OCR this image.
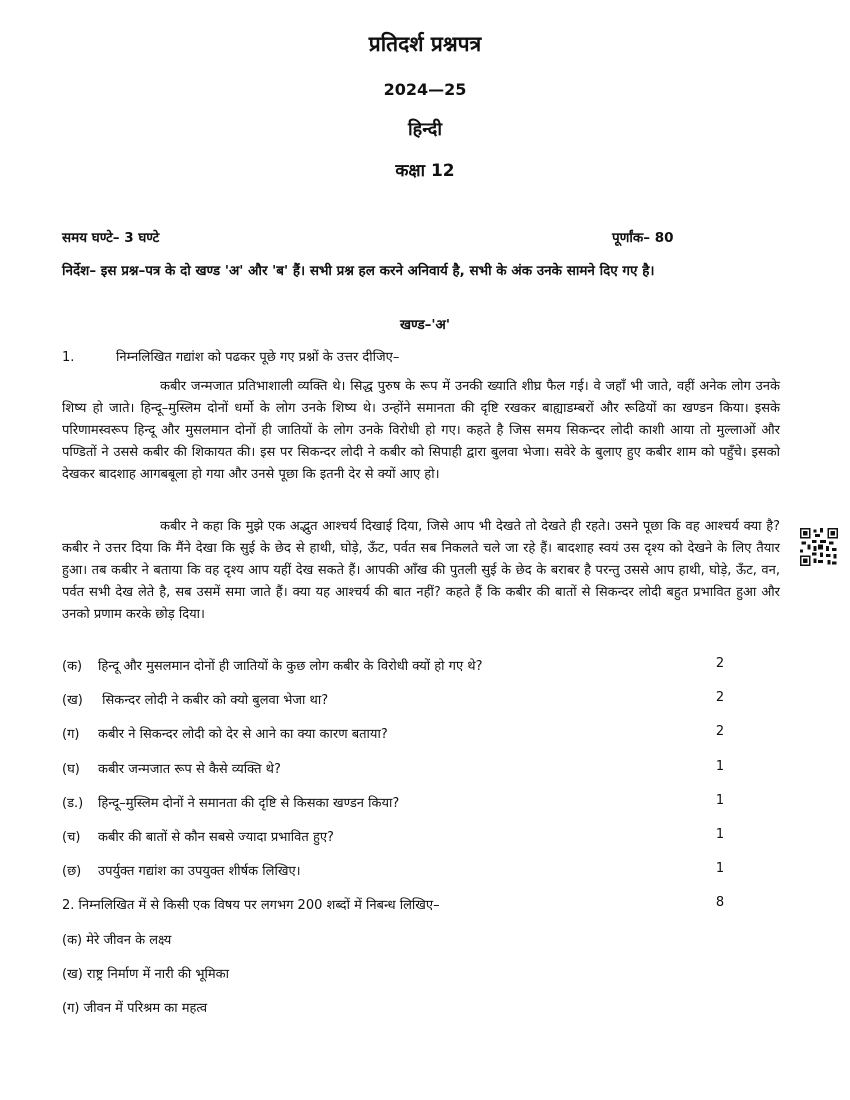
प्रतिदर्श प्रश्नपत्र
2024—25
हिन्दी
कक्षा 12
समय घण्टे– 3 घण्टे	पूर्णांक– 80
निर्देश– इस प्रश्न–पत्र के दो खण्ड 'अ' और 'ब' हैं। सभी प्रश्न हल करने अनिवार्य है, सभी के अंक उनके सामने दिए गए है।
खण्ड–'अ'
1.	निम्नलिखित गद्यांश को पढकर पूछे गए प्रश्नों के उत्तर दीजिए–

कबीर जन्मजात प्रतिभाशाली व्यक्ति थे। सिद्ध पुरुष के रूप में उनकी ख्याति शीघ्र फैल गई। वे जहाँ भी जाते, वहीं अनेक लोग उनके शिष्य हो जाते। हिन्दू–मुस्लिम दोनों धर्मो के लोग उनके शिष्य थे। उन्होंने समानता की दृष्टि रखकर बाह्याडम्बरों और रूढियों का खण्डन किया। इसके परिणामस्वरूप हिन्दू और मुसलमान दोनों ही जातियों के लोग उनके विरोधी हो गए। कहते है जिस समय सिकन्दर लोदी काशी आया तो मुल्लाओं और पण्डितों ने उससे कबीर की शिकायत की। इस पर सिकन्दर लोदी ने कबीर को सिपाही द्वारा बुलवा भेजा। सवेरे के बुलाए हुए कबीर शाम को पहुँचे। इसको देखकर बादशाह आगबबूला हो गया और उनसे पूछा कि इतनी देर से क्यों आए हो।

कबीर ने कहा कि मुझे एक अद्भुत आश्चर्य दिखाई दिया, जिसे आप भी देखते तो देखते ही रहते। उसने पूछा कि वह आश्चर्य क्या है? कबीर ने उत्तर दिया कि मैंने देखा कि सुई के छेद से हाथी, घोड़े, ऊँट, पर्वत सब निकलते चले जा रहे हैं। बादशाह स्वयं उस दृश्य को देखने के लिए तैयार हुआ। तब कबीर ने बताया कि वह दृश्य आप यहीं देख सकते हैं। आपकी आँख की पुतली सुई के छेद के बराबर है परन्तु उससे आप हाथी, घोड़े, ऊँट, वन, पर्वत सभी देख लेते है, सब उसमें समा जाते हैं। क्या यह आश्चर्य की बात नहीं? कहते हैं कि कबीर की बातों से सिकन्दर लोदी बहुत प्रभावित हुआ और उनको प्रणाम करके छोड़ दिया।

(क) हिन्दू और मुसलमान दोनों ही जातियों के कुछ लोग कबीर के विरोधी क्यों हो गए थे?	2
(ख) सिकन्दर लोदी ने कबीर को क्यो बुलवा भेजा था?	2
(ग) कबीर ने सिकन्दर लोदी को देर से आने का क्या कारण बताया?	2
(घ) कबीर जन्मजात रूप से कैसे व्यक्ति थे?	1
(ड.) हिन्दू–मुस्लिम दोनों ने समानता की दृष्टि से किसका खण्डन किया?	1
(च) कबीर की बातों से कौन सबसे ज्यादा प्रभावित हुए?	1
(छ) उपर्युक्त गद्यांश का उपयुक्त शीर्षक लिखिए।	1
2. निम्नलिखित में से किसी एक विषय पर लगभग 200 शब्दों में निबन्ध लिखिए–	8
(क) मेरे जीवन के लक्ष्य
(ख) राष्ट्र निर्माण में नारी की भूमिका
(ग) जीवन में परिश्रम का महत्व
